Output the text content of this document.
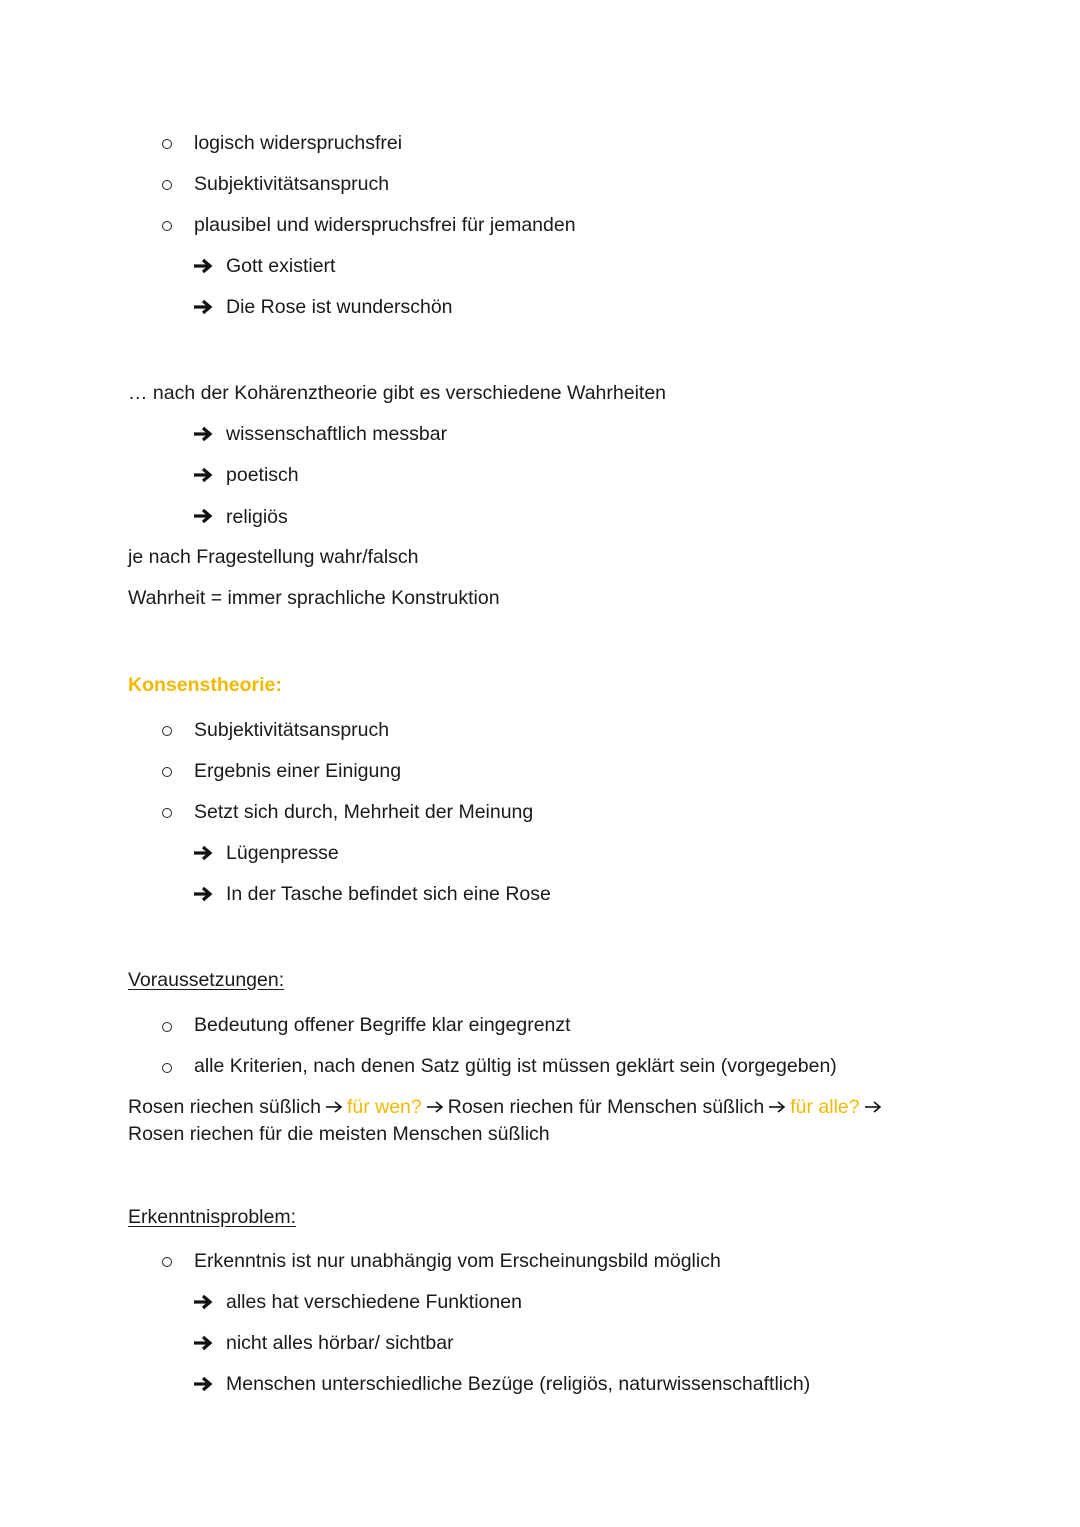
logisch widerspruchsfrei
Subjektivitätsanspruch
plausibel und widerspruchsfrei für jemanden
Gott existiert
Die Rose ist wunderschön
… nach der Kohärenztheorie gibt es verschiedene Wahrheiten
wissenschaftlich messbar
poetisch
religiös
je nach Fragestellung wahr/falsch
Wahrheit = immer sprachliche Konstruktion
Konsenstheorie:
Subjektivitätsanspruch
Ergebnis einer Einigung
Setzt sich durch, Mehrheit der Meinung
Lügenpresse
In der Tasche befindet sich eine Rose
Voraussetzungen:
Bedeutung offener Begriffe klar eingegrenzt
alle Kriterien, nach denen Satz gültig ist müssen geklärt sein (vorgegeben)
Rosen riechen süßlich für wen? Rosen riechen für Menschen süßlich für alle?
Rosen riechen für die meisten Menschen süßlich
Erkenntnisproblem:
Erkenntnis ist nur unabhängig vom Erscheinungsbild möglich
alles hat verschiedene Funktionen
nicht alles hörbar/ sichtbar
Menschen unterschiedliche Bezüge (religiös, naturwissenschaftlich)
